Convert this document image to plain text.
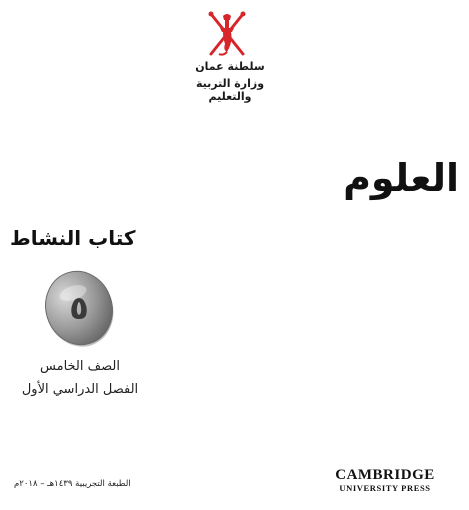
سلطنة عمان
وزارة التربية والتعليم
العلوم
كتاب النشاط
٥
الصف الخامس
الفصل الدراسي الأول
الطبعة التجريبية ١٤٣٩هـ – ٢٠١٨م
CAMBRIDGE
UNIVERSITY PRESS
